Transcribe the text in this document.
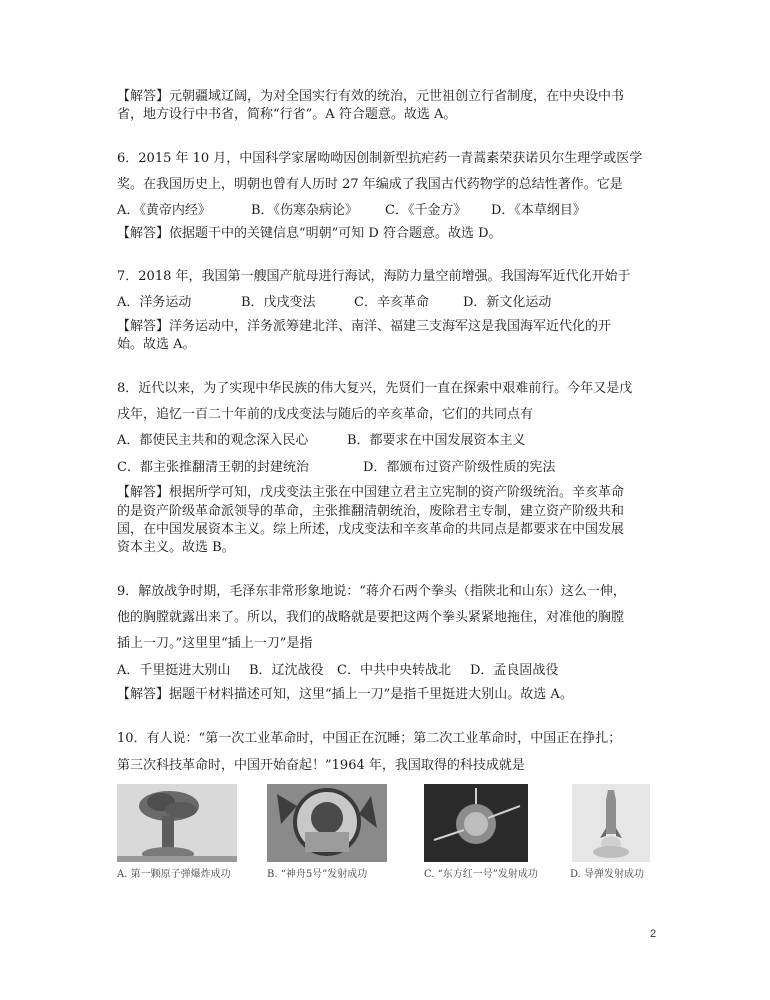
【解答】元朝疆域辽阔，为对全国实行有效的统治，元世祖创立行省制度，在中央设中书
省，地方设行中书省，简称“行省”。A 符合题意。故选 A。
6．2015 年 10 月，中国科学家屠呦呦因创制新型抗疟药一青蒿素荣获诺贝尔生理学或医学
奖。在我国历史上，明朝也曾有人历时 27 年编成了我国古代药物学的总结性著作。它是
A．《黄帝内经》	B．《伤寒杂病论》 C．《千金方》 D．《本草纲目》
【解答】依据题干中的关键信息“明朝”可知 D 符合题意。故选 D。
7．2018 年，我国第一艘国产航母进行海试，海防力量空前增强。我国海军近代化开始于
A．洋务运动	B．戊戌变法	C．辛亥革命	D．新文化运动
【解答】洋务运动中，洋务派筹建北洋、南洋、福建三支海军这是我国海军近代化的开
始。故选 A。
8．近代以来，为了实现中华民族的伟大复兴，先贤们一直在探索中艰难前行。今年又是戊
戌年，追忆一百二十年前的戊戌变法与随后的辛亥革命，它们的共同点有
A．都使民主共和的观念深入民心	B．都要求在中国发展资本主义
C．都主张推翻清王朝的封建统治	D．都颁布过资产阶级性质的宪法
【解答】根据所学可知，戊戌变法主张在中国建立君主立宪制的资产阶级统治。辛亥革命
的是资产阶级革命派领导的革命，主张推翻清朝统治，废除君主专制，建立资产阶级共和
国，在中国发展资本主义。综上所述，戊戌变法和辛亥革命的共同点是都要求在中国发展
资本主义。故选 B。
9．解放战争时期，毛泽东非常形象地说：“蒋介石两个拳头（指陕北和山东）这么一伸，
他的胸膛就露出来了。所以，我们的战略就是要把这两个拳头紧紧地拖住，对准他的胸膛
插上一刀。”这里里“插上一刀”是指
A．千里挺进大别山 B．辽沈战役 C．中共中央转战北 D．孟良固战役
【解答】据题干材料描述可知，这里“插上一刀”是指千里挺进大别山。故选 A。
10．有人说：“第一次工业革命时，中国正在沉睡；第二次工业革命时，中国正在挣扎；
第三次科技革命时，中国开始奋起！”1964 年，我国取得的科技成就是
A. 第一颗原子弹爆炸成功	B. “神舟5号”发射成功	C. “东方红一号”发射成功	D. 导弹发射成功
2
